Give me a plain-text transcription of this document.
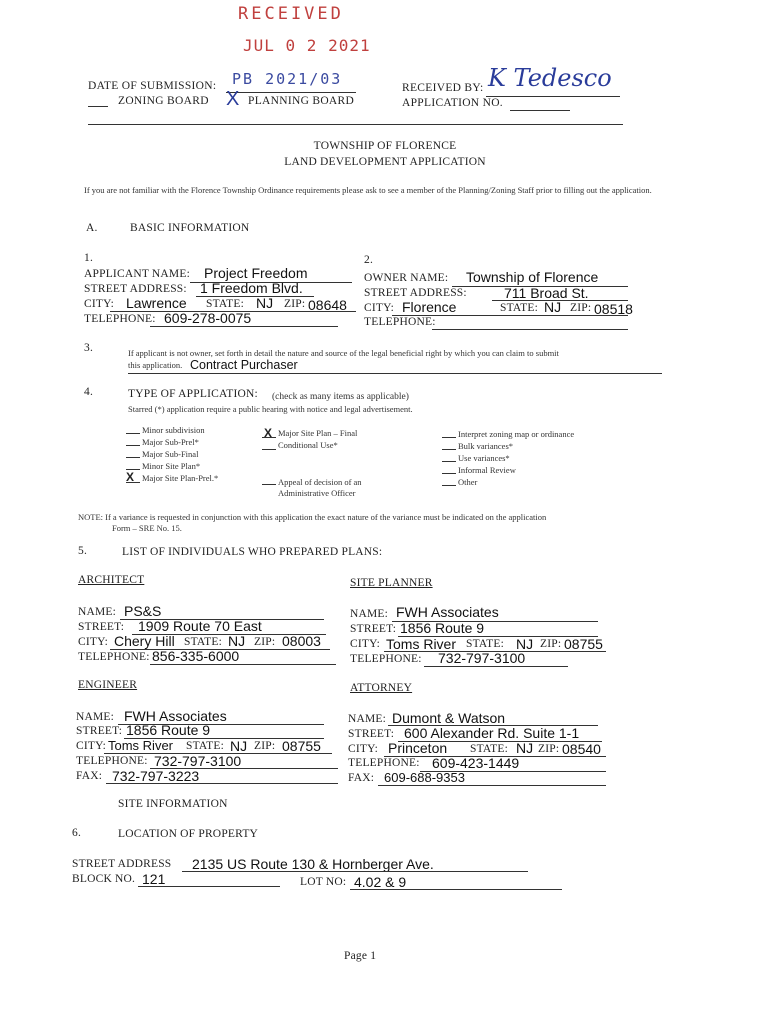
RECEIVED
JUL 0 2 2021
DATE OF SUBMISSION: PB 2021/03	RECEIVED BY: K Tedesco
ZONING BOARD X PLANNING BOARD	APPLICATION NO.
TOWNSHIP OF FLORENCE
LAND DEVELOPMENT APPLICATION
If you are not familiar with the Florence Township Ordinance requirements please ask to see a member of the Planning/Zoning Staff prior to filling out the application.
A.	BASIC INFORMATION
1.
APPLICANT NAME: Project Freedom
STREET ADDRESS: 1 Freedom Blvd.
CITY: Lawrence STATE: NJ ZIP: 08648
TELEPHONE: 609-278-0075
2.
OWNER NAME: Township of Florence
STREET ADDRESS:	711 Broad St.
CITY: Florence	STATE: NJ ZIP: 08518
TELEPHONE:
3.	If applicant is not owner, set forth in detail the nature and source of the legal beneficial right by which you can claim to submit
this application. Contract Purchaser
4.	TYPE OF APPLICATION: (check as many items as applicable)
Starred (*) application require a public hearing with notice and legal advertisement.
Minor subdivision
Major Sub-Prel*
Major Sub-Final
Minor Site Plan*
X Major Site Plan-Prel.*
X Major Site Plan – Final
Conditional Use*
Appeal of decision of an
Administrative Officer
Interpret zoning map or ordinance
Bulk variances*
Use variances*
Informal Review
Other
NOTE: If a variance is requested in conjunction with this application the exact nature of the variance must be indicated on the application
Form – SRE No. 15.
5.	LIST OF INDIVIDUALS WHO PREPARED PLANS:
ARCHITECT
NAME: PS&S
STREET: 1909 Route 70 East
CITY: Chery Hill STATE: NJ ZIP: 08003
TELEPHONE: 856-335-6000
SITE PLANNER
NAME: FWH Associates
STREET: 1856 Route 9
CITY: Toms River STATE: NJ ZIP: 08755
TELEPHONE: 732-797-3100
ENGINEER
NAME: FWH Associates
STREET: 1856 Route 9
CITY: Toms River STATE: NJ ZIP: 08755
TELEPHONE: 732-797-3100
FAX: 732-797-3223
ATTORNEY
NAME: Dumont & Watson
STREET: 600 Alexander Rd. Suite 1-1
CITY: Princeton STATE: NJ ZIP: 08540
TELEPHONE: 609-423-1449
FAX: 609-688-9353
SITE INFORMATION
6.	LOCATION OF PROPERTY
STREET ADDRESS 2135 US Route 130 & Hornberger Ave.
BLOCK NO. 121	LOT NO: 4.02 & 9
Page 1
